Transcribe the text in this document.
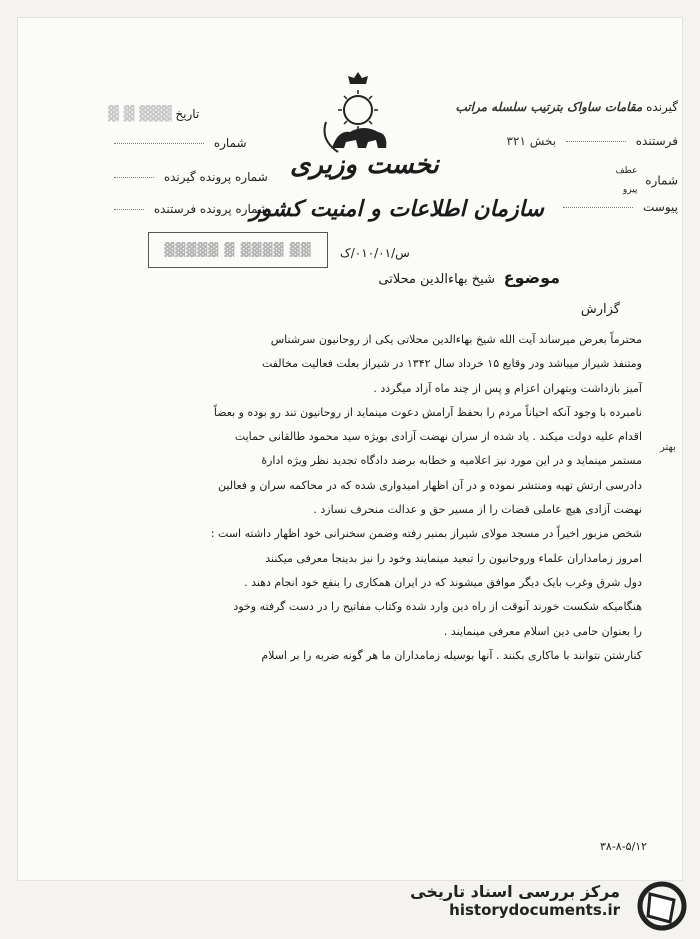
گیرنده مقامات ساواک بترتیب سلسله مراتب
فرستنده  بخش ۳۲۱
شماره
عطف
پیرو
پیوست
تاریخ ▓▓▓ ▓ ▓
شماره
شماره پرونده گیرنده
شماره پرونده فرستنده
نخست وزیری
سازمان اطلاعات و امنیت کشور
▓▓ ▓▓▓▓ ▓ ▓▓▓▓▓ س/۰۱۰/۰۱/ک
موضوع
شیخ بهاءالدین محلاتی
گزارش

محترماً بعرض میرساند آیت الله شیخ بهاءالدین محلاتی یکی از روحانیون سرشناس

ومتنفذ شیراز میباشد ودر وقایع ۱۵ خرداد سال ۱۳۴۲ در شیراز بعلت فعالیت مخالفت

آمیز بازداشت وبتهران اعزام و پس از چند ماه آزاد میگردد .

نامبرده با وجود آنکه احیاناً مردم را بحفظ آرامش دعوت مینماید از روحانیون تند رو بوده و بعضاً

اقدام علیه دولت میکند . یاد شده از سران نهضت آزادی بویژه سید محمود طالقانی حمایت

مستمر مینماید و در این مورد نیز اعلامیه و خطابه برضد دادگاه تجدید نظر ویژه ادارۀ

دادرسی ارتش تهیه ومنتشر نموده و در آن اظهار امیدواری شده که در محاکمه سران و فعالین

نهضت آزادی هیچ عاملی قضات را از مسیر حق و عدالت منحرف نسازد .

شخص مزبور اخیراً در مسجد مولای شیراز بمنبر رفته وضمن سخنرانی خود اظهار داشته است :

امروز زمامداران علماء وروحانیون را تبعید مینمایند وخود را نیز بدینجا معرفی میکنند

دول شرق وغرب بایک دیگر موافق میشوند که در ایران همکاری را بنفع خود انجام دهند .

هنگامیکه شکست خورند آنوقت از راه دین وارد شده وکتاب مفاتیح را در دست گرفته وخود

را بعنوان حامی دین اسلام معرفی مینمایند .

کنارشتن نتوانند با ماکاری بکنند . آنها بوسیله زمامداران ما هر گونه ضربه را بر اسلام

بهتر
۳۸-۸-۵/۱۲
مرکز بررسی اسناد تاریخی
historydocuments.ir
